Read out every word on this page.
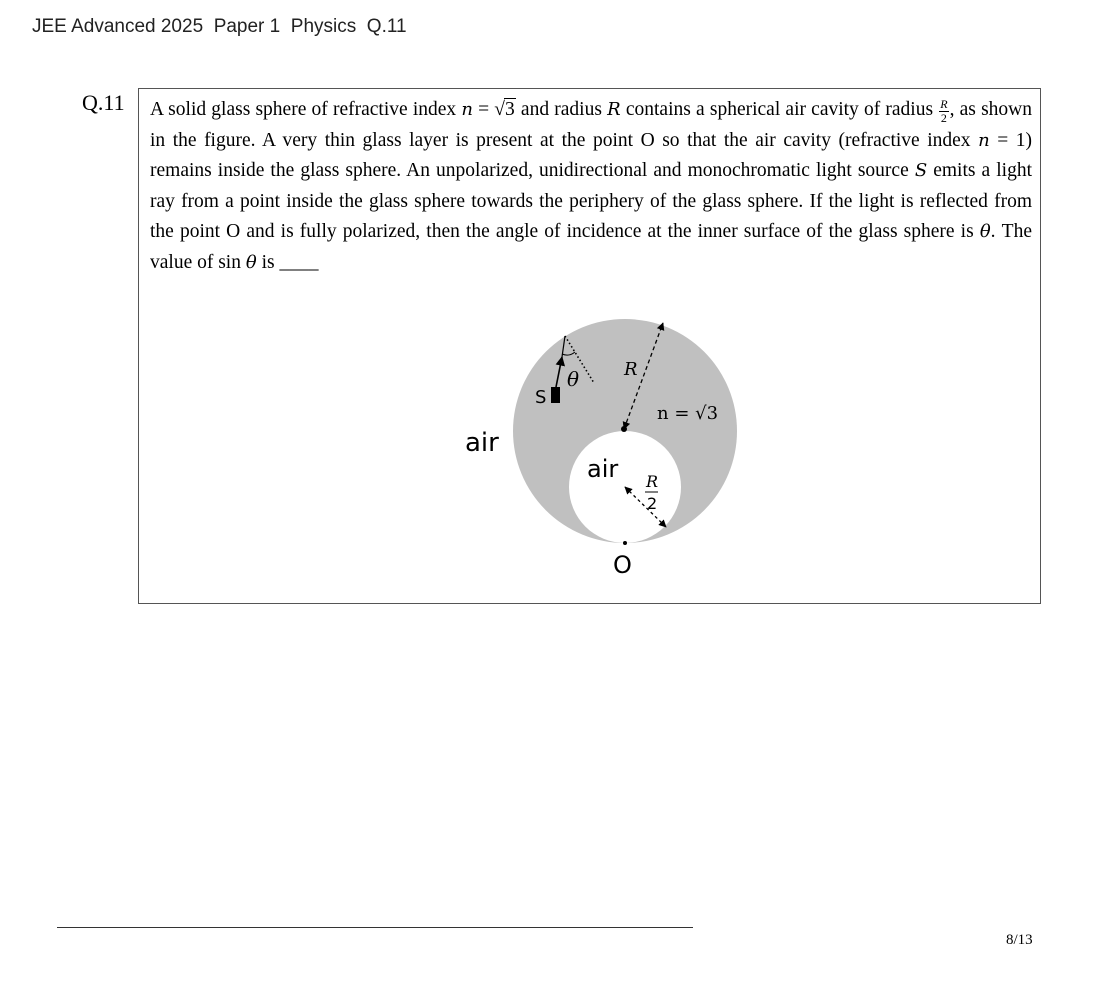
JEE Advanced 2025  Paper 1  Physics  Q.11
Q.11 A solid glass sphere of refractive index n = √3 and radius R contains a spherical air cavity of radius $\frac{R}{2}$ , as shown in the figure. A very thin glass layer is present at the point O so that the air cavity (refractive index n = 1) remains inside the glass sphere. An unpolarized, unidirectional and monochromatic light source S emits a light ray from a point inside the glass sphere towards the periphery of the glass sphere. If the light is reflected from the point O and is fully polarized, then the angle of incidence at the inner surface of the glass sphere is θ. The value of sin θ is ____
air
air
R
n = √3
S
θ
R
2
O
8/13
